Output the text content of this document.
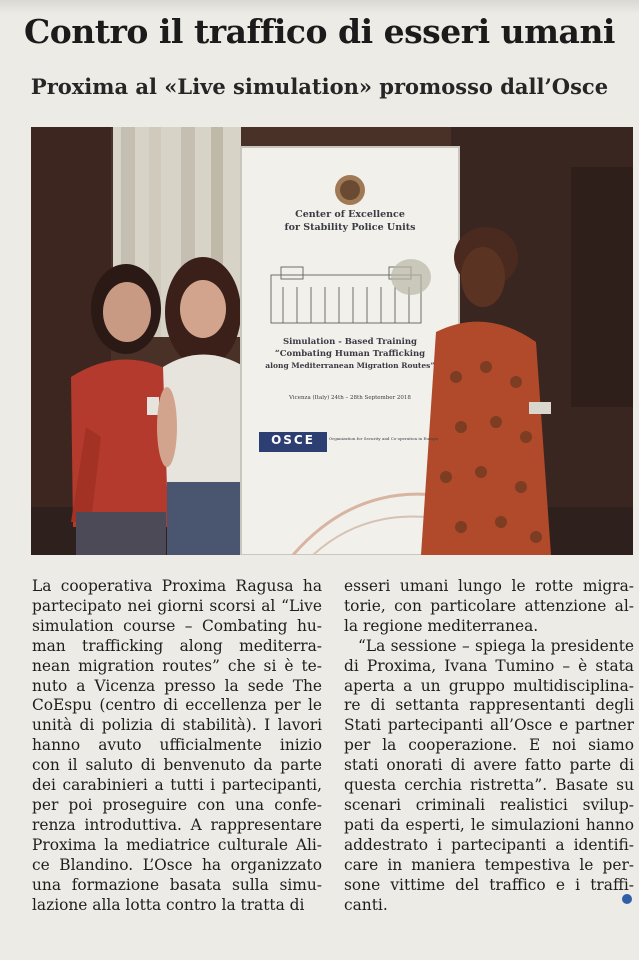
Contro il traffico di esseri umani
Proxima al «Live simulation» promosso dall’Osce
Center of Excellence
for Stability Police Units
Simulation - Based Training
“Combating Human Trafficking
along Mediterranean Migration Routes”
Vicenza (Italy) 24th – 28th September 2018
OSCE	Organization for Security and Co-operation in Europe
La cooperativa Proxima Ragusa ha
partecipato nei giorni scorsi al “Live
simulation course – Combating hu-
man trafficking along mediterra-
nean migration routes” che si è te-
nuto a Vicenza presso la sede The
CoEspu (centro di eccellenza per le
unità di polizia di stabilità). I lavori
hanno avuto ufficialmente inizio
con il saluto di benvenuto da parte
dei carabinieri a tutti i partecipanti,
per poi proseguire con una confe-
renza introduttiva. A rappresentare
Proxima la mediatrice culturale Ali-
ce Blandino. L’Osce ha organizzato
una formazione basata sulla simu-
lazione alla lotta contro la tratta di
esseri umani lungo le rotte migra-
torie, con particolare attenzione al-
la regione mediterranea.
“La sessione – spiega la presidente
di Proxima, Ivana Tumino – è stata
aperta a un gruppo multidisciplina-
re di settanta rappresentanti degli
Stati partecipanti all’Osce e partner
per la cooperazione. E noi siamo
stati onorati di avere fatto parte di
questa cerchia ristretta”. Basate su
scenari criminali realistici svilup-
pati da esperti, le simulazioni hanno
addestrato i partecipanti a identifi-
care in maniera tempestiva le per-
sone vittime del traffico e i traffi-
canti.
